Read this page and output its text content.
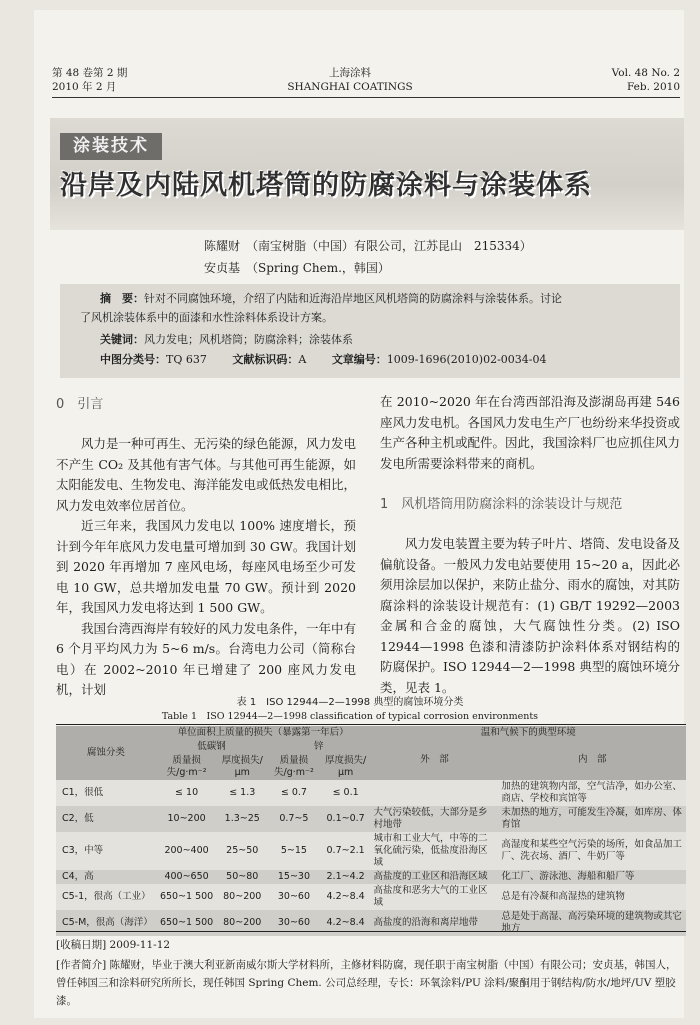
第 48 卷第 2 期
2010 年 2 月
上海涂料
SHANGHAI COATINGS
Vol. 48 No. 2
Feb. 2010
涂装技术
沿岸及内陆风机塔筒的防腐涂料与涂装体系
陈耀财　（南宝树脂（中国）有限公司，江苏昆山　215334）
安贞基　（Spring Chem.，韩国）
摘　要：针对不同腐蚀环境，介绍了内陆和近海沿岸地区风机塔筒的防腐涂料与涂装体系。讨论
了风机涂装体系中的面漆和水性涂料体系设计方案。
关键词：风力发电；风机塔筒；防腐涂料；涂装体系
中图分类号：TQ 637 文献标识码：A 文章编号：1009-1696(2010)02-0034-04
0　引言
风力是一种可再生、无污染的绿色能源，风力发电不产生 CO₂ 及其他有害气体。与其他可再生能源，如太阳能发电、生物发电、海洋能发电或低热发电相比，风力发电效率位居首位。
近三年来，我国风力发电以 100% 速度增长，预计到今年年底风力发电量可增加到 30 GW。我国计划到 2020 年再增加 7 座风电场，每座风电场至少可发电 10 GW，总共增加发电量 70 GW。预计到 2020 年，我国风力发电将达到 1 500 GW。
我国台湾西海岸有较好的风力发电条件，一年中有 6 个月平均风力为 5~6 m/s。台湾电力公司（简称台电）在 2002~2010 年已增建了 200 座风力发电机，计划
在 2010~2020 年在台湾西部沿海及澎湖岛再建 546 座风力发电机。各国风力发电生产厂也纷纷来华投资或生产各种主机或配件。因此，我国涂料厂也应抓住风力发电所需要涂料带来的商机。
1　风机塔筒用防腐涂料的涂装设计与规范
风力发电装置主要为转子叶片、塔筒、发电设备及偏航设备。一般风力发电站要使用 15~20 a，因此必须用涂层加以保护，来防止盐分、雨水的腐蚀，对其防腐涂料的涂装设计规范有：(1) GB/T 19292—2003 金属和合金的腐蚀，大气腐蚀性分类。(2) ISO 12944—1998 色漆和清漆防护涂料体系对钢结构的防腐保护。ISO 12944—2—1998 典型的腐蚀环境分类，见表 1。
表 1　ISO 12944—2—1998 典型的腐蚀环境分类
Table 1　ISO 12944—2—1998 classification of typical corrosion environments
腐蚀分类	单位面积上质量的损失（暴露第一年后）				温和气候下的典型环境	
	低碳钢		锌		外　部	内　部
	质量损失/g·m⁻²	厚度损失/μm	质量损失/g·m⁻²	厚度损失/μm		
C1，很低	≤ 10	≤ 1.3	≤ 0.7	≤ 0.1		加热的建筑物内部，空气洁净，如办公室、商店、学校和宾馆等
C2，低	10~200	1.3~25	0.7~5	0.1~0.7	大气污染较低，大部分是乡村地带	未加热的地方，可能发生冷凝，如库房、体育馆
C3，中等	200~400	25~50	5~15	0.7~2.1	城市和工业大气，中等的二氧化硫污染，低盐度沿海区域	高湿度和某些空气污染的场所，如食品加工厂、洗衣场、酒厂、牛奶厂等
C4，高	400~650	50~80	15~30	2.1~4.2	高盐度的工业区和沿海区域	化工厂、游泳池、海船和船厂等
C5-1，很高（工业）	650~1 500	80~200	30~60	4.2~8.4	高盐度和恶劣大气的工业区域	总是有冷凝和高湿热的建筑物
C5-M，很高（海洋）	650~1 500	80~200	30~60	4.2~8.4	高盐度的沿海和离岸地带	总是处于高湿、高污染环境的建筑物或其它地方
[收稿日期] 2009-11-12
[作者简介] 陈耀财，毕业于澳大利亚新南威尔斯大学材料所，主修材料防腐，现任职于南宝树脂（中国）有限公司；安贞基，韩国人，曾任韩国三和涂料研究所所长，现任韩国 Spring Chem. 公司总经理，专长：环氧涂料/PU 涂料/聚酮用于钢结构/防水/地坪/UV 塑胶漆。
